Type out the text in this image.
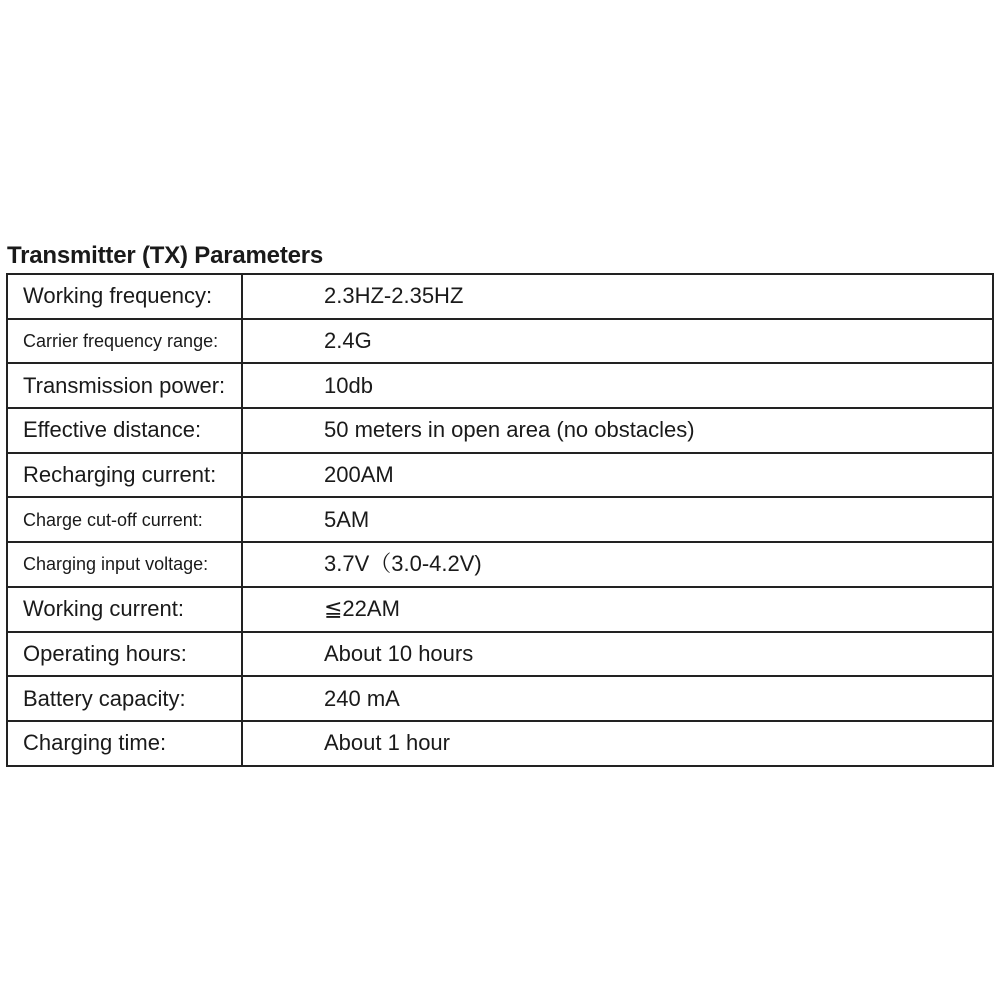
Transmitter (TX) Parameters
Working frequency:	2.3HZ-2.35HZ
Carrier frequency range:	2.4G
Transmission power:	10db
Effective distance:	50 meters in open area (no obstacles)
Recharging current:	200AM
Charge cut-off current:	5AM
Charging input voltage:	3.7V（3.0-4.2V)
Working current:	≦22AM
Operating hours:	About 10 hours
Battery capacity:	240 mA
Charging time:	About 1 hour
